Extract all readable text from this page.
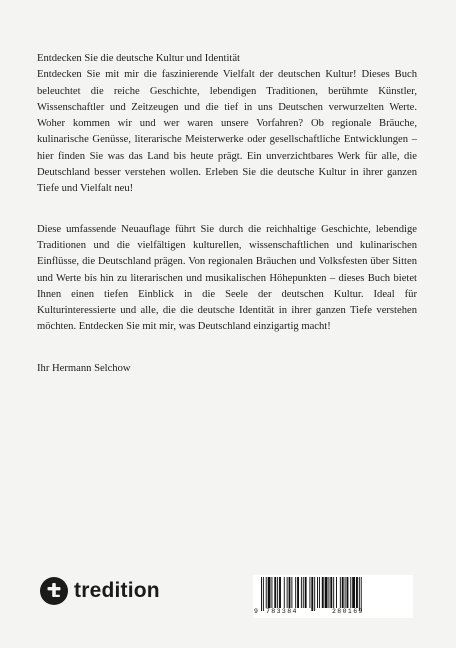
Entdecken Sie die deutsche Kultur und Identität

Entdecken Sie mit mir die faszinierende Vielfalt der deutschen Kultur! Dieses Buch beleuchtet die reiche Geschichte, lebendigen Traditionen, berühmte Künstler, Wissenschaftler und Zeitzeugen und die tief in uns Deutschen verwurzelten Werte. Woher kommen wir und wer waren unsere Vorfahren? Ob regionale Bräuche, kulinarische Genüsse, literarische Meisterwerke oder gesellschaftliche Entwicklungen – hier finden Sie was das Land bis heute prägt. Ein unverzichtbares Werk für alle, die Deutschland besser verstehen wollen. Erleben Sie die deutsche Kultur in ihrer ganzen Tiefe und Vielfalt neu!

Diese umfassende Neuauflage führt Sie durch die reichhaltige Geschichte, lebendige Traditionen und die vielfältigen kulturellen, wissenschaftlichen und kulinarischen Einflüsse, die Deutschland prägen. Von regionalen Bräuchen und Volksfesten über Sitten und Werte bis hin zu literarischen und musikalischen Höhepunkten – dieses Buch bietet Ihnen einen tiefen Einblick in die Seele der deutschen Kultur. Ideal für Kulturinteressierte und alle, die die deutsche Identität in ihrer ganzen Tiefe verstehen möchten. Entdecken Sie mit mir, was Deutschland einzigartig macht!

Ihr Hermann Selchow

tredition
9 783384	280169
